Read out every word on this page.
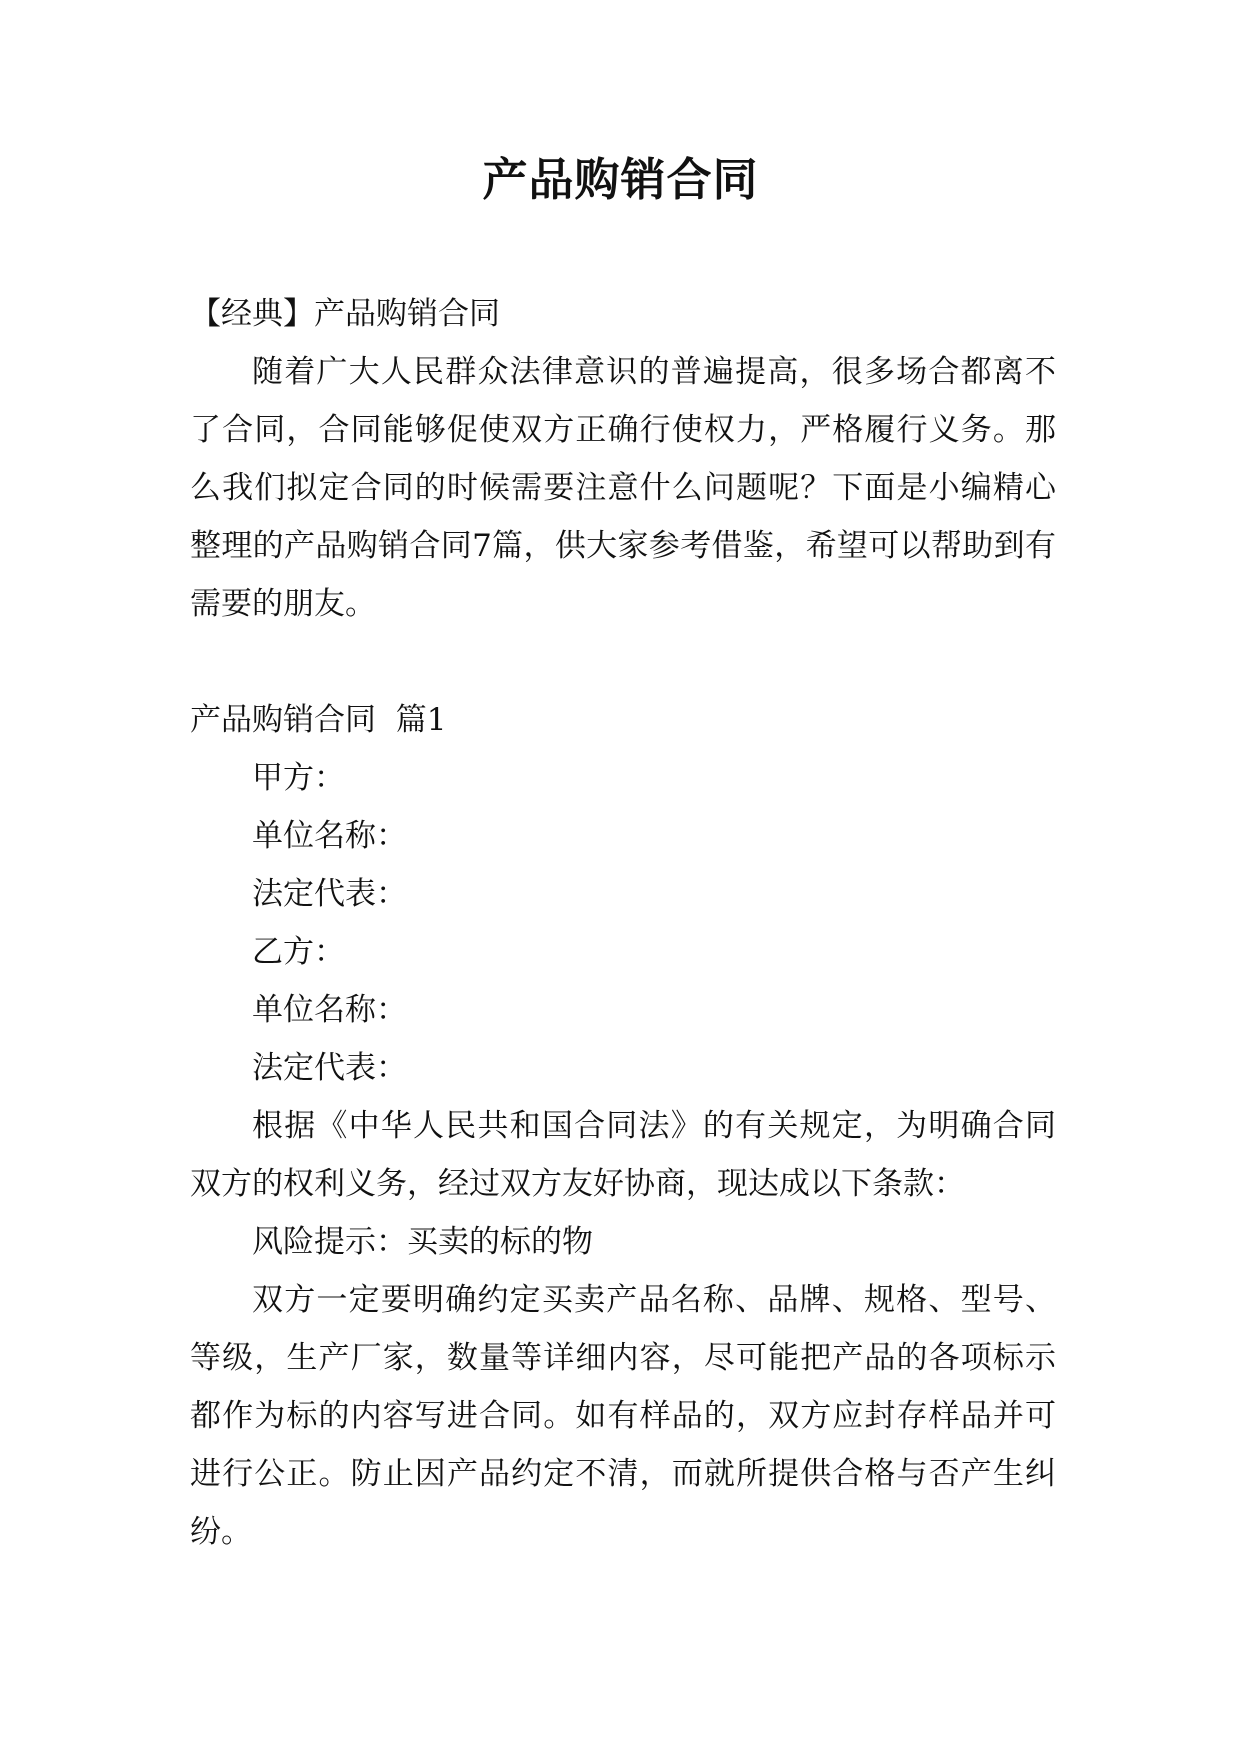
产品购销合同

【经典】产品购销合同

随着广大人民群众法律意识的普遍提高，很多场合都离不了合同，合同能够促使双方正确行使权力，严格履行义务。那么我们拟定合同的时候需要注意什么问题呢？下面是小编精心整理的产品购销合同7篇，供大家参考借鉴，希望可以帮助到有需要的朋友。

产品购销合同  篇1

甲方：

单位名称：

法定代表：

乙方：

单位名称：

法定代表：

根据《中华人民共和国合同法》的有关规定，为明确合同双方的权利义务，经过双方友好协商，现达成以下条款：

风险提示：买卖的标的物

双方一定要明确约定买卖产品名称、品牌、规格、型号、等级，生产厂家，数量等详细内容，尽可能把产品的各项标示都作为标的内容写进合同。如有样品的，双方应封存样品并可进行公正。防止因产品约定不清，而就所提供合格与否产生纠纷。
